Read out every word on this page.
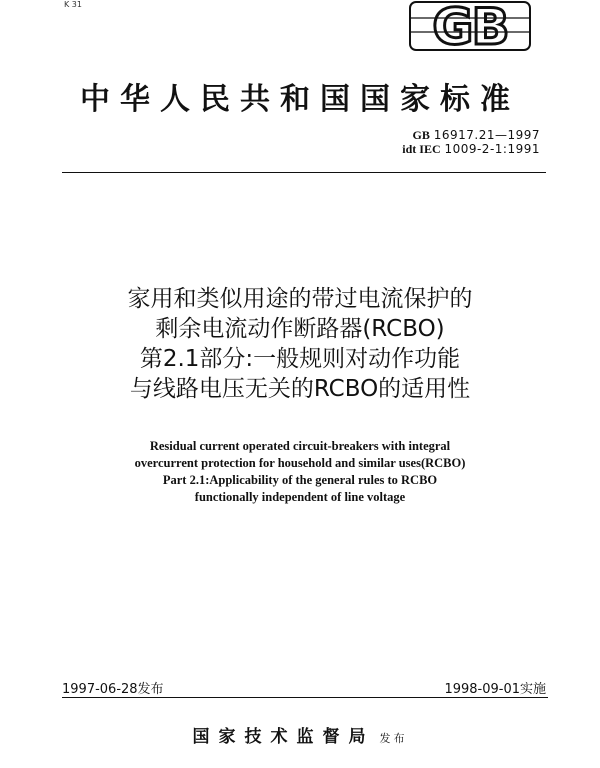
K 31	GB
中华人民共和国国家标准
GB 16917.21—1997
idt IEC 1009-2-1:1991
家用和类似用途的带过电流保护的
剩余电流动作断路器(RCBO)
第2.1部分:一般规则对动作功能
与线路电压无关的RCBO的适用性
Residual current operated circuit-breakers with integral
overcurrent protection for household and similar uses(RCBO)
Part 2.1:Applicability of the general rules to RCBO
functionally independent of line voltage
1997-06-28发布	1998-09-01实施
国家技术监督局 发布
